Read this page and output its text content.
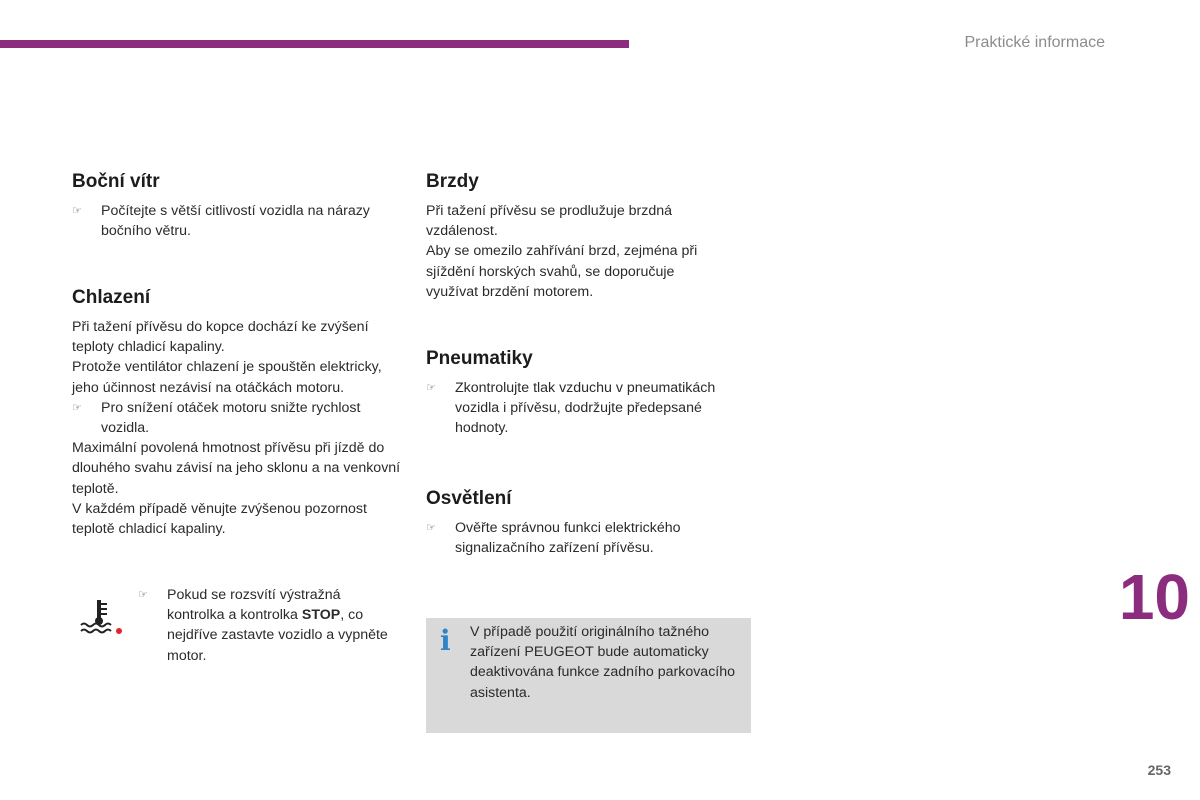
Praktické informace
Boční vítr
☞ Počítejte s větší citlivostí vozidla na nárazy bočního větru.
Chlazení

Při tažení přívěsu do kopce dochází ke zvýšení teploty chladicí kapaliny.

Protože ventilátor chlazení je spouštěn elektricky, jeho účinnost nezávisí na otáčkách motoru.

☞ Pro snížení otáček motoru snižte rychlost vozidla.

Maximální povolená hmotnost přívěsu při jízdě do dlouhého svahu závisí na jeho sklonu a na venkovní teplotě.

V každém případě věnujte zvýšenou pozornost teplotě chladicí kapaliny.

☞ Pokud se rozsvítí výstražná kontrolka a kontrolka STOP, co nejdříve zastavte vozidlo a vypněte motor.
Brzdy

Při tažení přívěsu se prodlužuje brzdná vzdálenost.

Aby se omezilo zahřívání brzd, zejména při sjíždění horských svahů, se doporučuje využívat brzdění motorem.

Pneumatiky
☞ Zkontrolujte tlak vzduchu v pneumatikách vozidla i přívěsu, dodržujte předepsané hodnoty.
Osvětlení
☞ Ověřte správnou funkci elektrického signalizačního zařízení přívěsu.
i V případě použití originálního tažného zařízení PEUGEOT bude automaticky deaktivována funkce zadního parkovacího asistenta.

10
253
